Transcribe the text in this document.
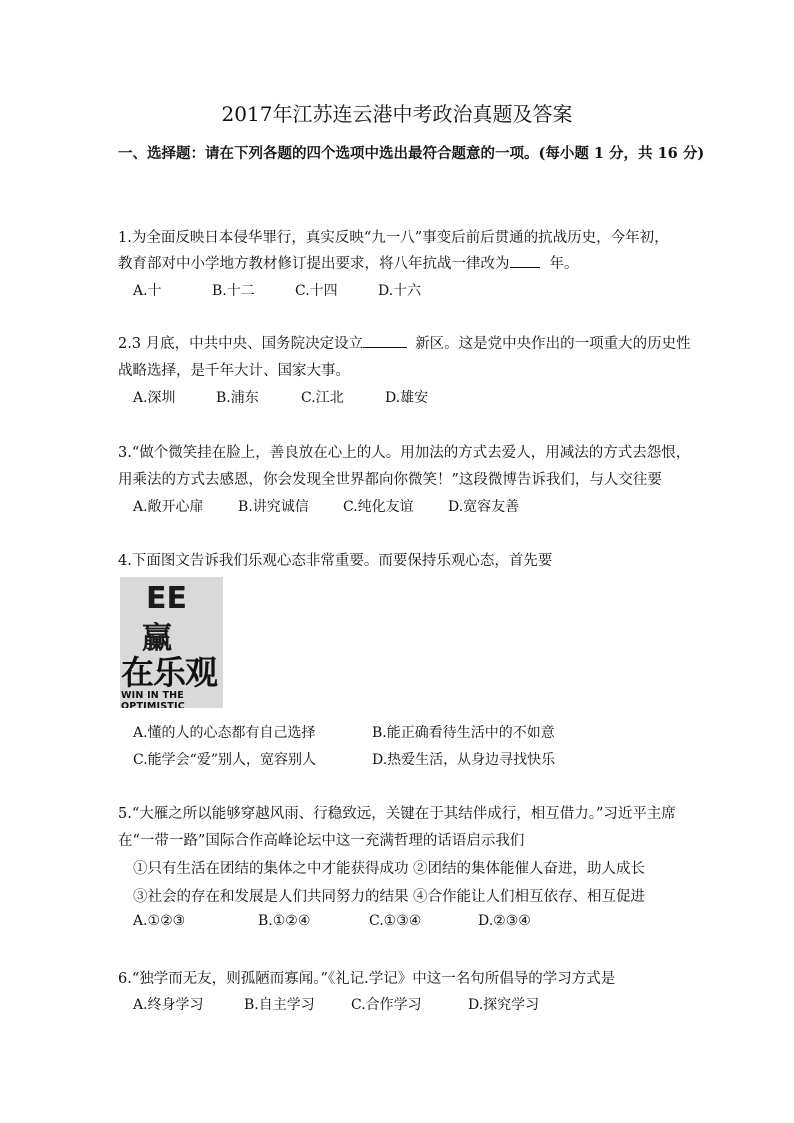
2017年江苏连云港中考政治真题及答案
一、选择题：请在下列各题的四个选项中选出最符合题意的一项。(每小题 1 分，共 16 分)
1.为全面反映日本侵华罪行，真实反映“九一八”事变后前后贯通的抗战历史，今年初，
教育部对中小学地方教材修订提出要求，将八年抗战一律改为	年。
A.十	B.十二	C.十四	D.十六
2.3 月底，中共中央、国务院决定设立	新区。这是党中央作出的一项重大的历史性
战略选择，是千年大计、国家大事。
A.深圳	B.浦东	C.江北	D.雄安
3.“做个微笑挂在脸上，善良放在心上的人。用加法的方式去爱人，用减法的方式去怨恨，
用乘法的方式去感恩，你会发现全世界都向你微笑！”这段微博告诉我们，与人交往要
A.敞开心扉 B.讲究诚信 C.纯化友谊 D.宽容友善
4.下面图文告诉我们乐观心态非常重要。而要保持乐观心态，首先要
EE
臝
在乐观
WIN IN THE OPTIMISTIC
A.懂的人的心态都有自己选择	B.能正确看待生活中的不如意
C.能学会“爱”别人，宽容别人	D.热爱生活，从身边寻找快乐
5.“大雁之所以能够穿越风雨、行稳致远，关键在于其结伴成行，相互借力。”习近平主席
在“一带一路”国际合作高峰论坛中这一充满哲理的话语启示我们
①只有生活在团结的集体之中才能获得成功 ②团结的集体能催人奋进，助人成长
③社会的存在和发展是人们共同努力的结果 ④合作能让人们相互依存、相互促进
A.①②③	B.①②④	C.①③④	D.②③④
6.“独学而无友，则孤陋而寡闻。”《礼记.学记》中这一名句所倡导的学习方式是
A.终身学习	B.自主学习	C.合作学习	D.探究学习
